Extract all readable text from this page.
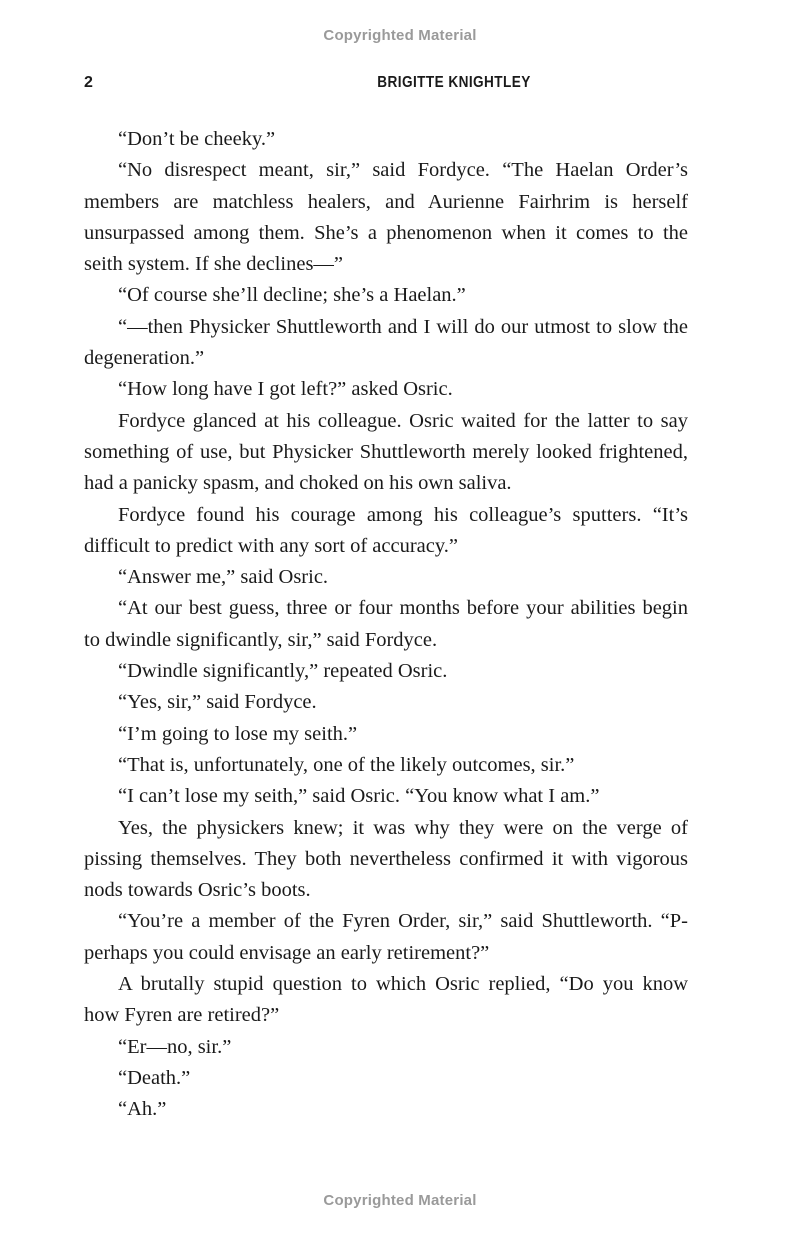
Copyrighted Material
2	BRIGITTE KNIGHTLEY

“Don’t be cheeky.”

“No disrespect meant, sir,” said Fordyce. “The Haelan Order’s members are matchless healers, and Aurienne Fairhrim is herself unsurpassed among them. She’s a phenomenon when it comes to the seith system. If she declines—”

“Of course she’ll decline; she’s a Haelan.”

“—then Physicker Shuttleworth and I will do our utmost to slow the degeneration.”

“How long have I got left?” asked Osric.

Fordyce glanced at his colleague. Osric waited for the latter to say something of use, but Physicker Shuttleworth merely looked frightened, had a panicky spasm, and choked on his own saliva.

Fordyce found his courage among his colleague’s sputters. “It’s difficult to predict with any sort of accuracy.”

“Answer me,” said Osric.

“At our best guess, three or four months before your abilities begin to dwindle significantly, sir,” said Fordyce.

“Dwindle significantly,” repeated Osric.

“Yes, sir,” said Fordyce.

“I’m going to lose my seith.”

“That is, unfortunately, one of the likely outcomes, sir.”

“I can’t lose my seith,” said Osric. “You know what I am.”

Yes, the physickers knew; it was why they were on the verge of pissing themselves. They both nevertheless confirmed it with vigorous nods towards Osric’s boots.

“You’re a member of the Fyren Order, sir,” said Shuttleworth. “P-perhaps you could envisage an early retirement?”

A brutally stupid question to which Osric replied, “Do you know how Fyren are retired?”

“Er—no, sir.”

“Death.”

“Ah.”

Copyrighted Material
